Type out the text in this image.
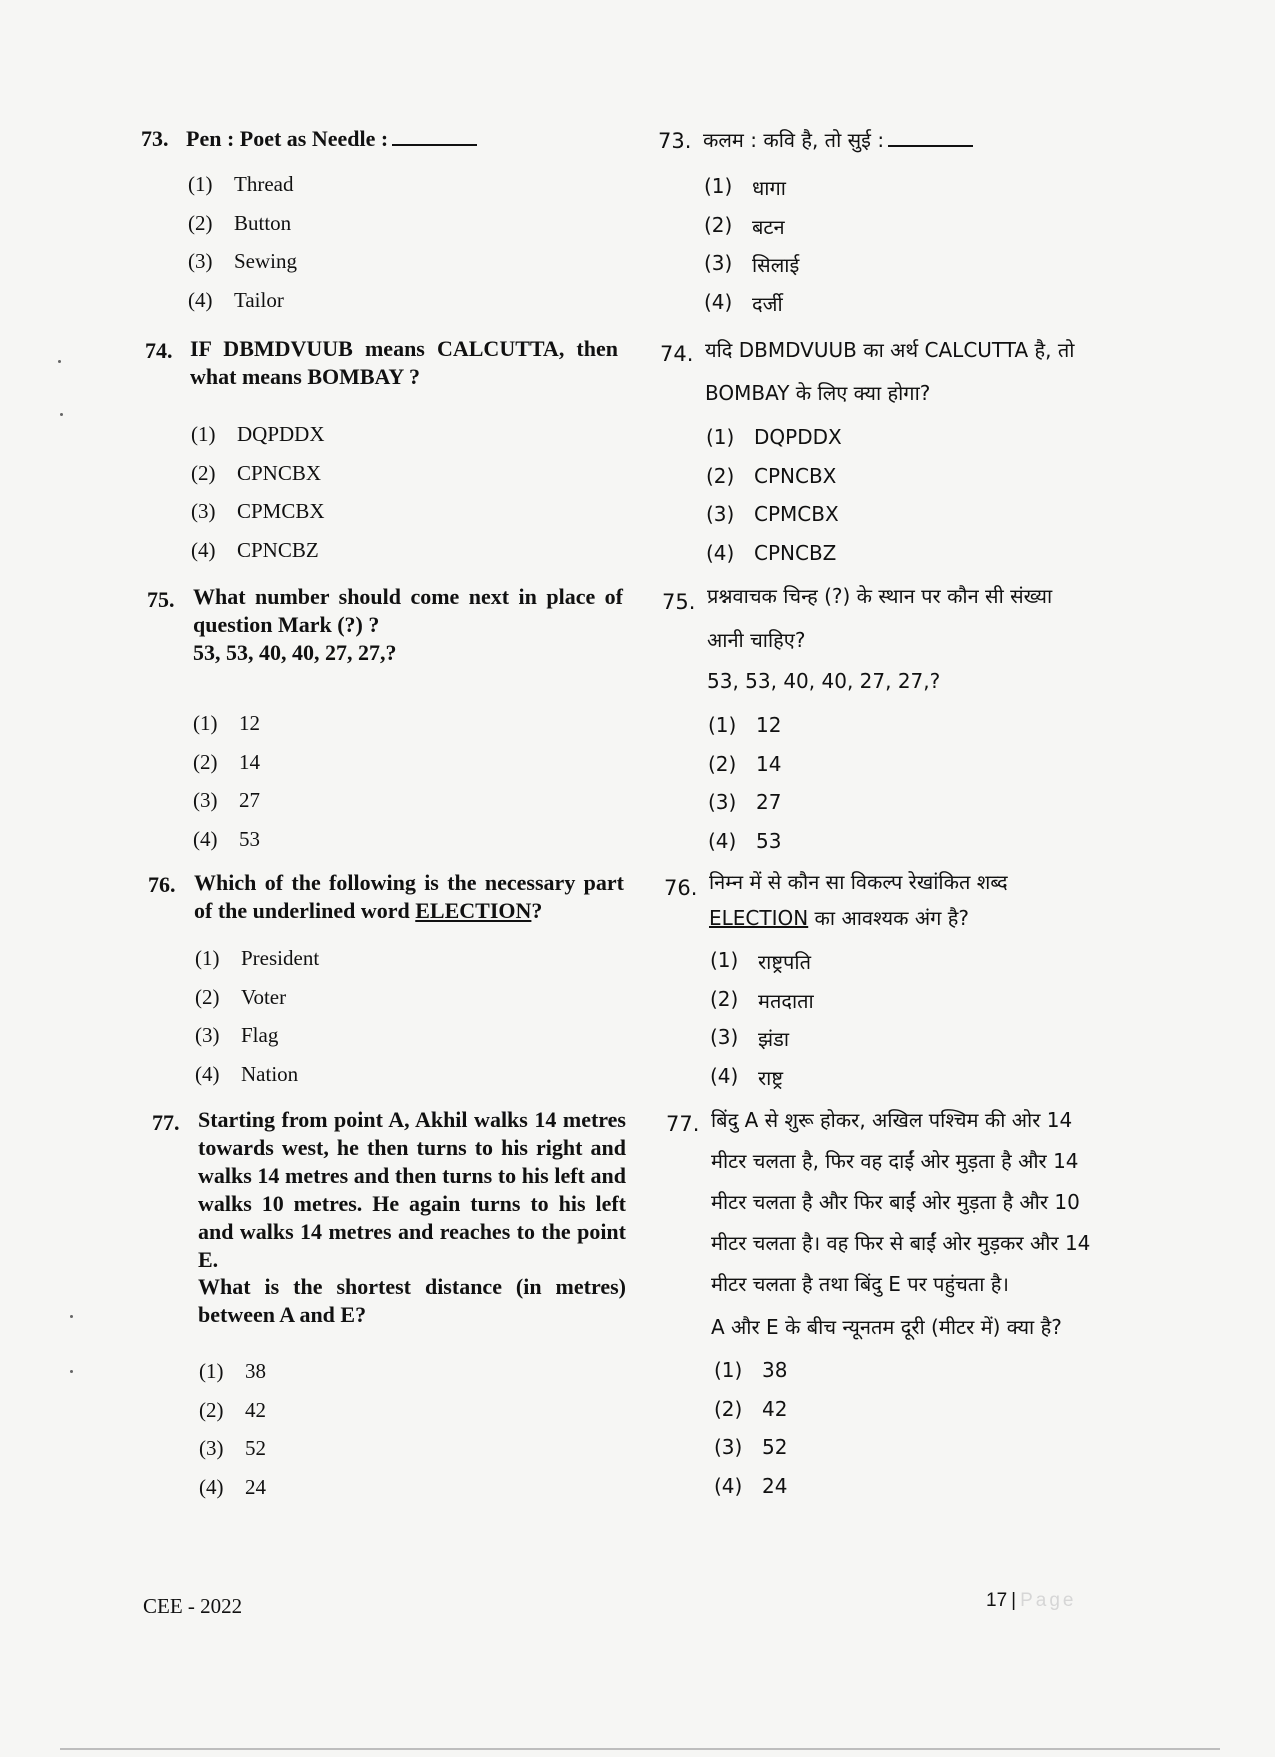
73. Pen : Poet as Needle :
(1) Thread
(2) Button
(3) Sewing
(4) Tailor
74. IF DBMDVUUB means CALCUTTA, then what means BOMBAY ?
(1) DQPDDX
(2) CPNCBX
(3) CPMCBX
(4) CPNCBZ
75. What number should come next in place of question Mark (?) ?
53, 53, 40, 40, 27, 27,?
(1) 12
(2) 14
(3) 27
(4) 53
76. Which of the following is the necessary part of the underlined word ELECTION?
(1) President
(2) Voter
(3) Flag
(4) Nation
77. Starting from point A, Akhil walks 14 metres towards west, he then turns to his right and walks 14 metres and then turns to his left and walks 10 metres. He again turns to his left and walks 14 metres and reaches to the point E.
What is the shortest distance (in metres) between A and E?
(1) 38
(2) 42
(3) 52
(4) 24
73. कलम : कवि है, तो सुई :
(1) धागा
(2) बटन
(3) सिलाई
(4) दर्जी
74. यदि DBMDVUUB का अर्थ CALCUTTA है, तो
BOMBAY के लिए क्या होगा?
(1) DQPDDX
(2) CPNCBX
(3) CPMCBX
(4) CPNCBZ
75. प्रश्नवाचक चिन्ह (?) के स्थान पर कौन सी संख्या
आनी चाहिए?
53, 53, 40, 40, 27, 27,?
(1) 12
(2) 14
(3) 27
(4) 53
76. निम्न में से कौन सा विकल्प रेखांकित शब्द
ELECTION का आवश्यक अंग है?
(1) राष्ट्रपति
(2) मतदाता
(3) झंडा
(4) राष्ट्र
77. बिंदु A से शुरू होकर, अखिल पश्चिम की ओर 14
मीटर चलता है, फिर वह दाईं ओर मुड़ता है और 14
मीटर चलता है और फिर बाईं ओर मुड़ता है और 10
मीटर चलता है। वह फिर से बाईं ओर मुड़कर और 14
मीटर चलता है तथा बिंदु E पर पहुंचता है।
A और E के बीच न्यूनतम दूरी (मीटर में) क्या है?
(1) 38
(2) 42
(3) 52
(4) 24
CEE - 2022	17 | Page
